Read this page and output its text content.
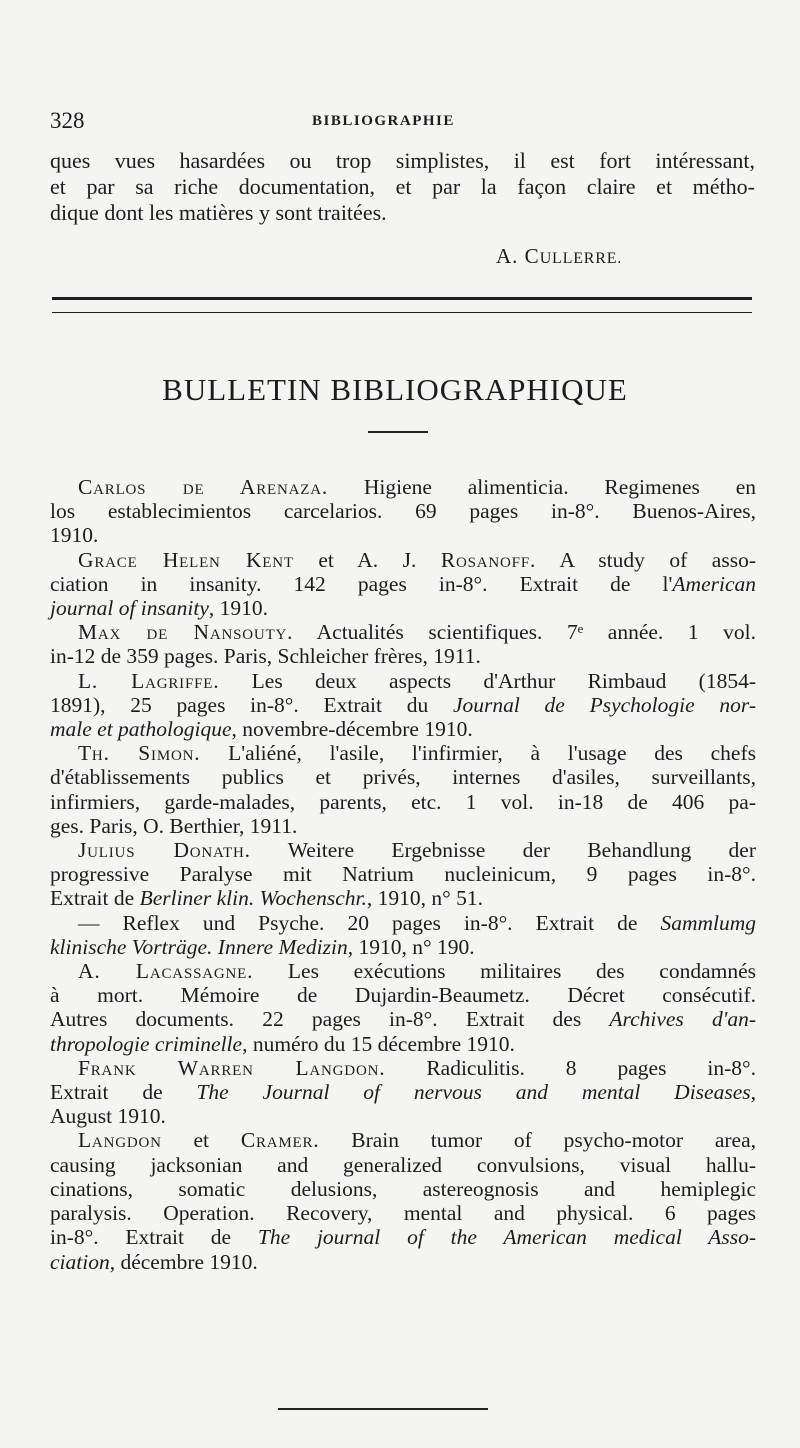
328	BIBLIOGRAPHIE
ques vues hasardées ou trop simplistes, il est fort intéressant,
et par sa riche documentation, et par la façon claire et métho-
dique dont les matières y sont traitées.
A. CULLERRE.
BULLETIN BIBLIOGRAPHIQUE
Carlos de Arenaza. Higiene alimenticia. Regimenes en
los establecimientos carcelarios. 69 pages in-8°. Buenos-Aires,
1910.
Grace Helen Kent et A. J. Rosanoff. A study of asso-
ciation in insanity. 142 pages in-8°. Extrait de l'American
journal of insanity, 1910.
Max de Nansouty. Actualités scientifiques. 7ᵉ année. 1 vol.
in-12 de 359 pages. Paris, Schleicher frères, 1911.
L. Lagriffe. Les deux aspects d'Arthur Rimbaud (1854-
1891), 25 pages in-8°. Extrait du Journal de Psychologie nor-
male et pathologique, novembre-décembre 1910.
Th. Simon. L'aliéné, l'asile, l'infirmier, à l'usage des chefs
d'établissements publics et privés, internes d'asiles, surveillants,
infirmiers, garde-malades, parents, etc. 1 vol. in-18 de 406 pa-
ges. Paris, O. Berthier, 1911.
Julius Donath. Weitere Ergebnisse der Behandlung der
progressive Paralyse mit Natrium nucleinicum, 9 pages in-8°.
Extrait de Berliner klin. Wochenschr., 1910, n° 51.
— Reflex und Psyche. 20 pages in-8°. Extrait de Sammlumg
klinische Vorträge. Innere Medizin, 1910, n° 190.
A. Lacassagne. Les exécutions militaires des condamnés
à mort. Mémoire de Dujardin-Beaumetz. Décret consécutif.
Autres documents. 22 pages in-8°. Extrait des Archives d'an-
thropologie criminelle, numéro du 15 décembre 1910.
Frank Warren Langdon. Radiculitis. 8 pages in-8°.
Extrait de The Journal of nervous and mental Diseases,
August 1910.
Langdon et Cramer. Brain tumor of psycho-motor area,
causing jacksonian and generalized convulsions, visual hallu-
cinations, somatic delusions, astereognosis and hemiplegic
paralysis. Operation. Recovery, mental and physical. 6 pages
in-8°. Extrait de The journal of the American medical Asso-
ciation, décembre 1910.
